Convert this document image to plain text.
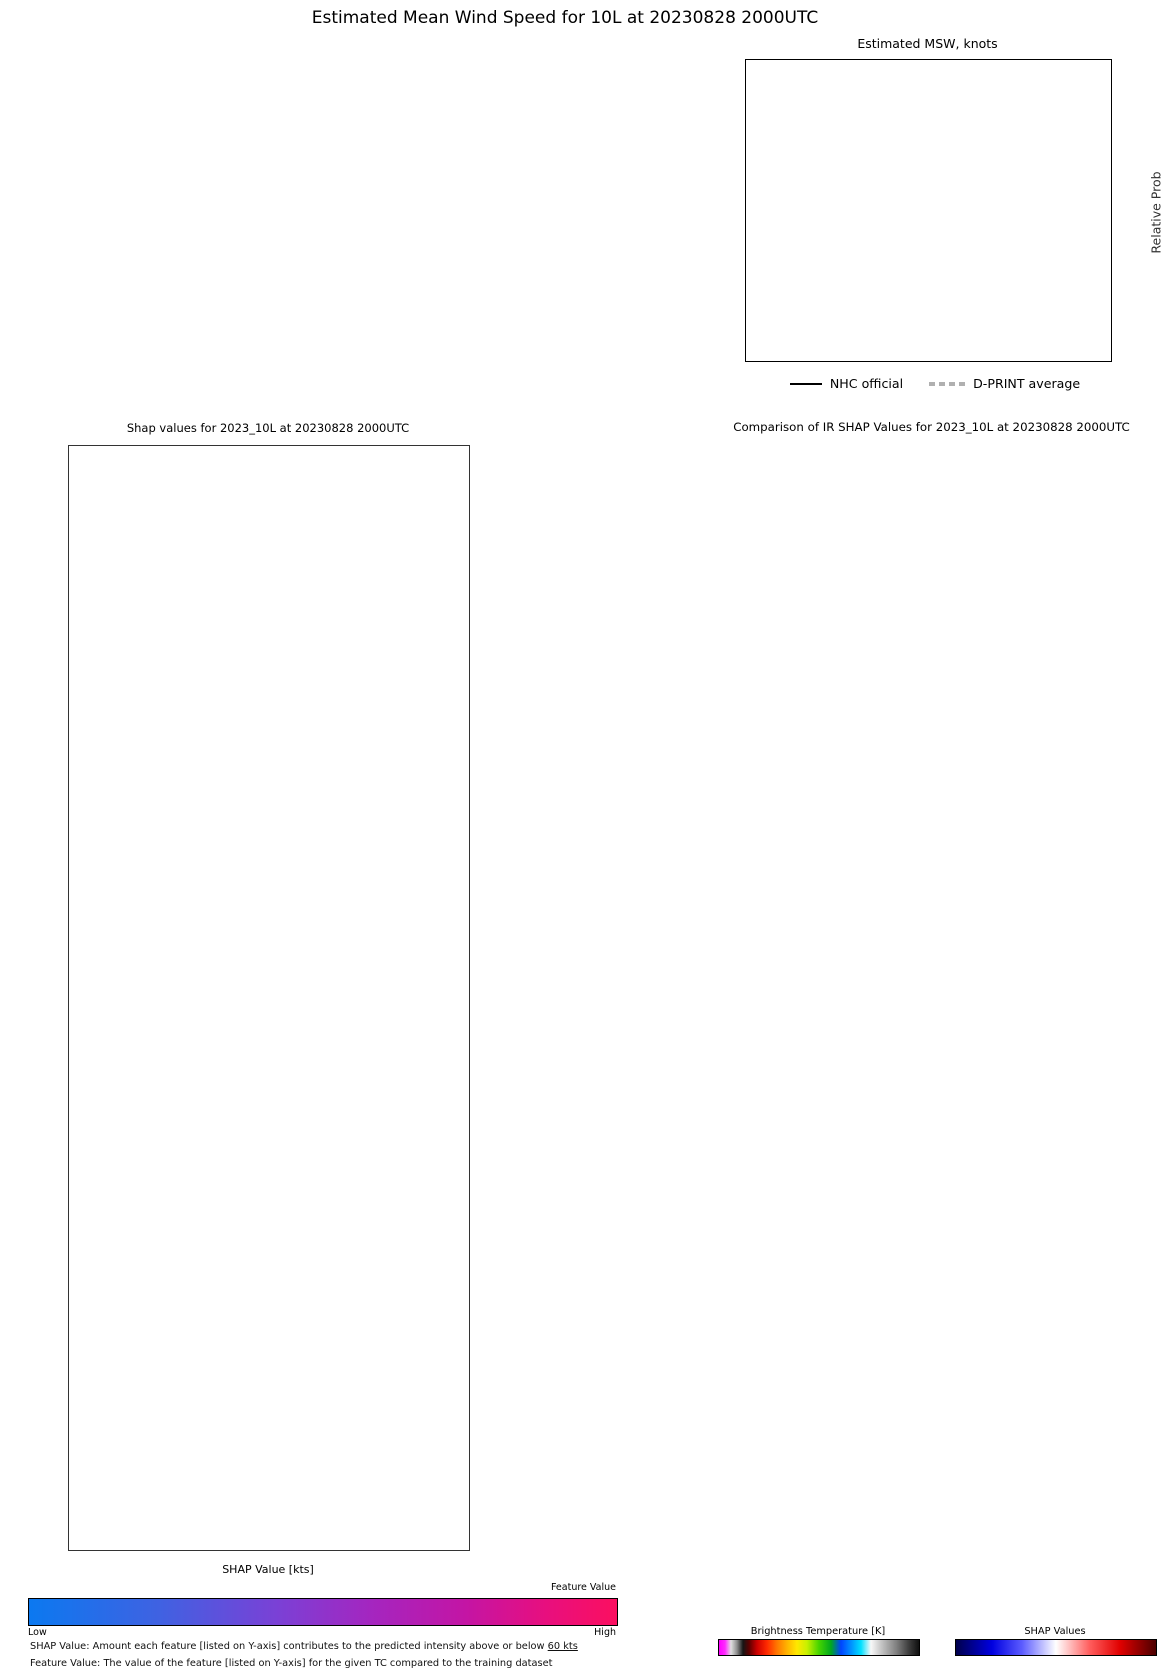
Estimated Mean Wind Speed for 10L at 20230828 2000UTC
Estimated MSW, knots
Relative Prob
NHC official	D-PRINT average
Shap values for 2023_10L at 20230828 2000UTC
SHAP Value [kts]
Feature Value
Low	High
SHAP Value: Amount each feature [listed on Y-axis] contributes to the predicted intensity above or below 60 kts
Feature Value: The value of the feature [listed on Y-axis] for the given TC compared to the training dataset
Comparison of IR SHAP Values for 2023_10L at 20230828 2000UTC
Brightness Temperature [K]	SHAP Values
